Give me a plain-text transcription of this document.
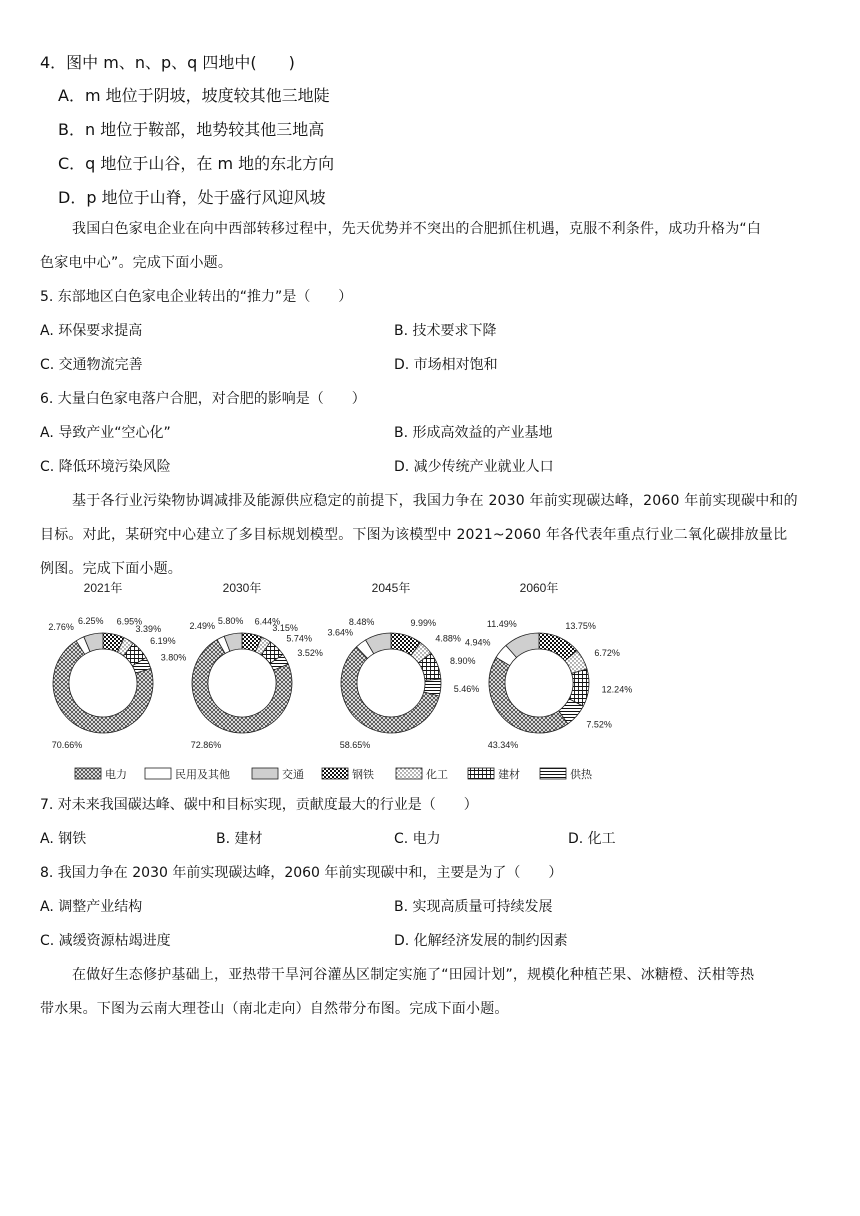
4．图中 m、n、p、q 四地中(　　)
A．m 地位于阴坡，坡度较其他三地陡
B．n 地位于鞍部，地势较其他三地高
C．q 地位于山谷，在 m 地的东北方向
D．p 地位于山脊，处于盛行风迎风坡
我国白色家电企业在向中西部转移过程中，先天优势并不突出的合肥抓住机遇，克服不利条件，成功升格为“白
色家电中心”。完成下面小题。
5. 东部地区白色家电企业转出的“推力”是（　　）
A. 环保要求提高	B. 技术要求下降
C. 交通物流完善	D. 市场相对饱和
6. 大量白色家电落户合肥，对合肥的影响是（　　）
A. 导致产业“空心化”	B. 形成高效益的产业基地
C. 降低环境污染风险	D. 减少传统产业就业人口
基于各行业污染物协调减排及能源供应稳定的前提下，我国力争在 2030 年前实现碳达峰，2060 年前实现碳中和的
目标。对此，某研究中心建立了多目标规划模型。下图为该模型中 2021~2060 年各代表年重点行业二氧化碳排放量比
例图。完成下面小题。
2021年
6.95%
3.39%
6.19%
3.80%
70.66%
2.76%
6.25%
2030年
6.44%
3.15%
5.74%
3.52%
72.86%
2.49%
5.80%
2045年
9.99%
4.88%
8.90%
5.46%
58.65%
3.64%
8.48%
2060年
13.75%
6.72%
12.24%
7.52%
43.34%
4.94%
11.49%
电力	民用及其他	交通	钢铁	化工	建材	供热
7. 对未来我国碳达峰、碳中和目标实现，贡献度最大的行业是（　　）
A. 钢铁	B. 建材	C. 电力	D. 化工
8. 我国力争在 2030 年前实现碳达峰，2060 年前实现碳中和，主要是为了（　　）
A. 调整产业结构	B. 实现高质量可持续发展
C. 减缓资源枯竭进度	D. 化解经济发展的制约因素
在做好生态修护基础上，亚热带干旱河谷灌丛区制定实施了“田园计划”，规模化种植芒果、冰糖橙、沃柑等热
带水果。下图为云南大理苍山（南北走向）自然带分布图。完成下面小题。
